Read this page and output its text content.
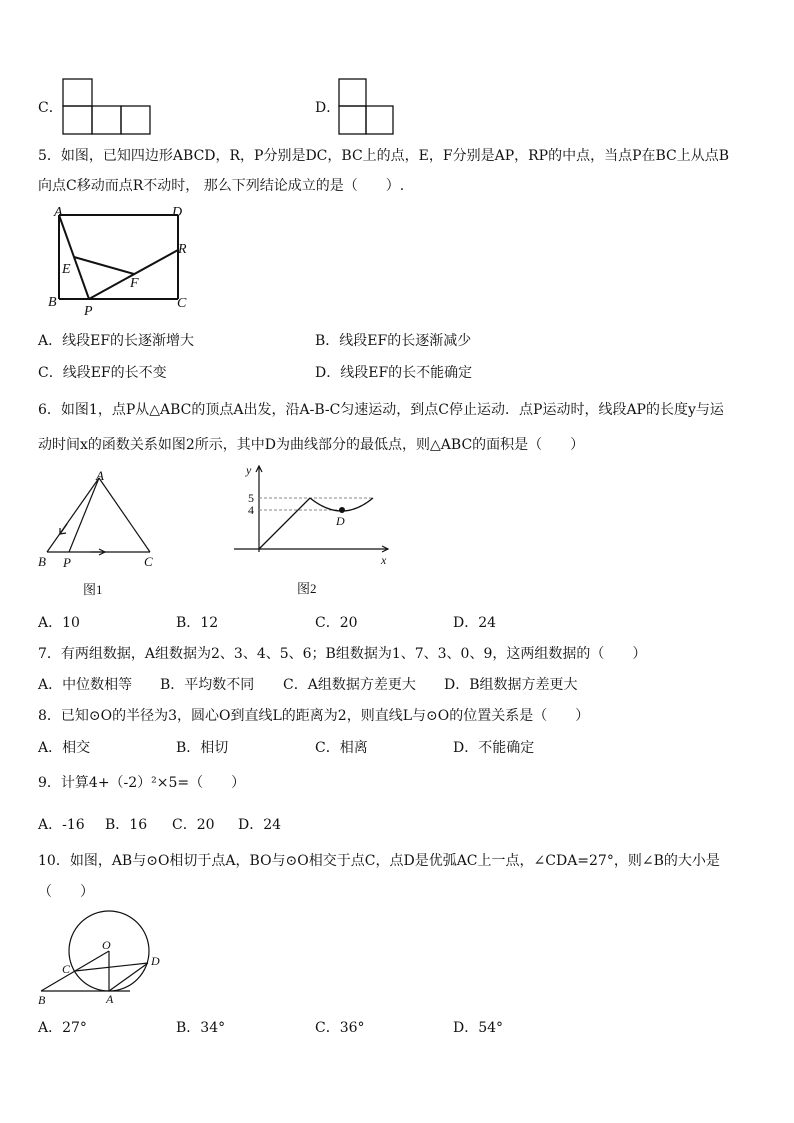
C．	D．
5．如图，已知四边形ABCD，R，P分别是DC，BC上的点，E，F分别是AP，RP的中点，当点P在BC上从点B
向点C移动而点R不动时， 那么下列结论成立的是（　　）.
A	D
R
E
F
B
P
C
A．线段EF的长逐渐增大	B．线段EF的长逐渐减少
C．线段EF的长不变	D．线段EF的长不能确定
6．如图1，点P从△ABC的顶点A出发，沿A-B-C匀速运动，到点C停止运动．点P运动时，线段AP的长度y与运
动时间x的函数关系如图2所示，其中D为曲线部分的最低点，则△ABC的面积是（　　）
A
B P	C
图1
y
5
4
D
x
图2
A．10	B．12	C．20	D．24
7．有两组数据，A组数据为2、3、4、5、6；B组数据为1、7、3、0、9，这两组数据的（　　）
A．中位数相等 B．平均数不同 C．A组数据方差更大 D．B组数据方差更大
8．已知⊙O的半径为3，圆心O到直线L的距离为2，则直线L与⊙O的位置关系是（　　）
A．相交	B．相切	C．相离	D．不能确定
9．计算4+（-2）²×5=（　　）
A．-16 B．16 C．20 D．24
10．如图，AB与⊙O相切于点A，BO与⊙O相交于点C，点D是优弧AC上一点，∠CDA=27°，则∠B的大小是
（　　）
O
C
D
B	A
A．27°	B．34°	C．36°	D．54°
